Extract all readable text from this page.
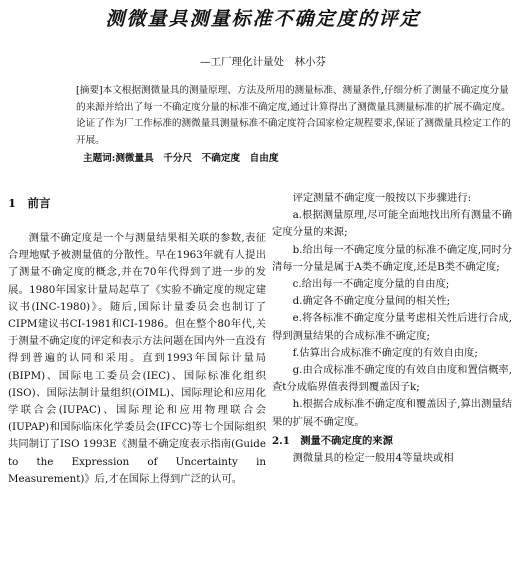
测微量具测量标准不确定度的评定
—工厂理化计量处　林小芬

[摘要]本文根据测微量具的测量原理、方法及所用的测量标准、测量条件,仔细分析了测量不确定度分量的来源并给出了每一不确定度分量的标准不确定度,通过计算得出了测微量具测量标准的扩展不确定度。论证了作为厂工作标准的测微量具测量标准不确定度符合国家检定规程要求,保证了测微量具检定工作的开展。

主题词:测微量具　千分尺　不确定度　自由度

1　前言

测量不确定度是一个与测量结果相关联的参数,表征合理地赋予被测量值的分散性。早在1963年就有人提出了测量不确定度的概念,并在70年代得到了进一步的发展。1980年国家计量局起草了《实验不确定度的规定建议书(INC-1980)》。随后,国际计量委员会也制订了CIPM建议书CI-1981和CI-1986。但在整个80年代,关于测量不确定度的评定和表示方法问题在国内外一直没有得到普遍的认同和采用。直到1993年国际计量局(BIPM)、国际电工委员会(IEC)、国际标准化组织(ISO)、国际法制计量组织(OIML)、国际理论和应用化学联合会(IUPAC)、国际理论和应用物理联合会(IUPAP)和国际临床化学委员会(IFCC)等七个国际组织共同制订了ISO 1993E《测量不确定度表示指南(Guide to the Expression of Uncertainty in Measurement)》后,才在国际上得到广泛的认可。

评定测量不确定度一般按以下步骤进行:

a.根据测量原理,尽可能全面地找出所有测量不确定度分量的来源;

b.给出每一不确定度分量的标准不确定度,同时分清每一分量是属于A类不确定度,还是B类不确定度;

c.给出每一不确定度分量的自由度;

d.确定各不确定度分量间的相关性;

e.将各标准不确定度分量考虑相关性后进行合成,得到测量结果的合成标准不确定度;

f.估算出合成标准不确定度的有效自由度;

g.由合成标准不确定度的有效自由度和置信概率,查t分成临界值表得到覆盖因子k;

h.根据合成标准不确定度和覆盖因子,算出测量结果的扩展不确定度。

2.1　测量不确定度的来源

测微量具的检定一般用4等量块或相
